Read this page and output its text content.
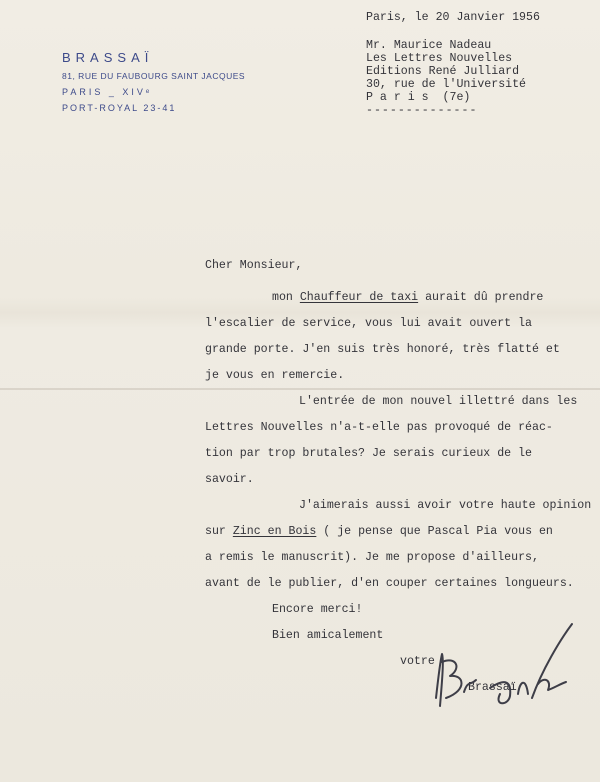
BRASSAÏ
81, RUE DU FAUBOURG SAINT JACQUES
PARIS _ XIVᵉ
PORT-ROYAL 23-41
Paris, le 20 Janvier 1956
Mr. Maurice Nadeau
Les Lettres Nouvelles
Editions René Julliard
30, rue de l'Université
P a r i s  (7e)
--------------
Cher Monsieur,
mon Chauffeur de taxi aurait dû prendre
l'escalier de service, vous lui avait ouvert la
grande porte. J'en suis très honoré, très flatté et
je vous en remercie.
L'entrée de mon nouvel illettré dans les
Lettres Nouvelles n'a-t-elle pas provoqué de réac-
tion par trop brutales? Je serais curieux de le
savoir.
J'aimerais aussi avoir votre haute opinion
sur Zinc en Bois ( je pense que Pascal Pia vous en
a remis le manuscrit). Je me propose d'ailleurs,
avant de le publier, d'en couper certaines longueurs.
Encore merci!
Bien amicalement
votre
Brassaï
